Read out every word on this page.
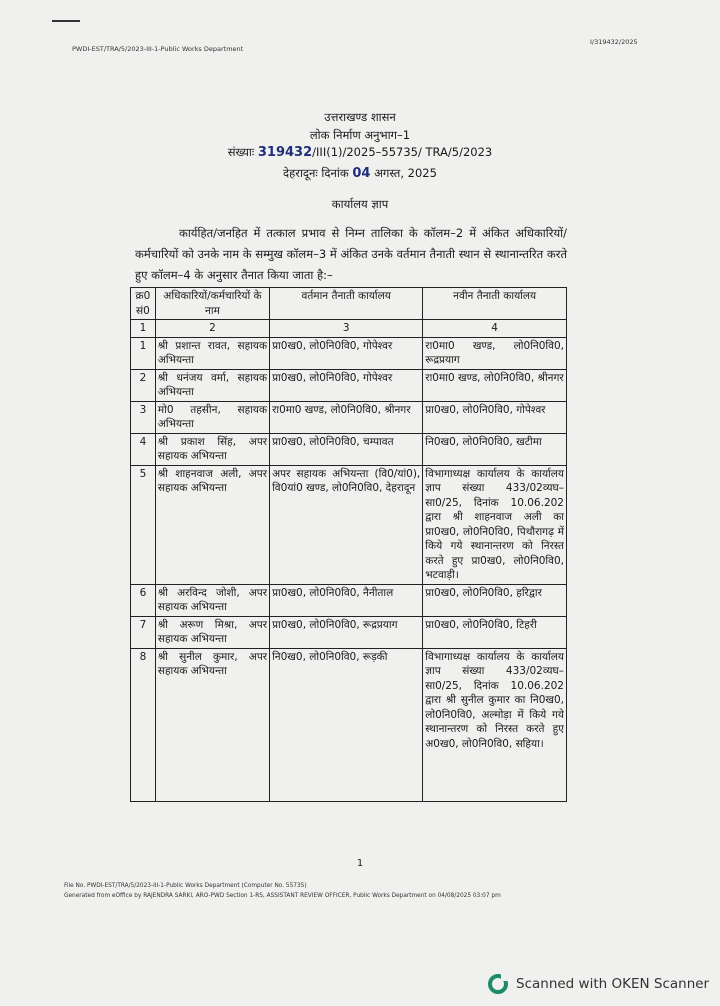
PWDI-EST/TRA/5/2023-III-1-Public Works Department
I/319432/2025
उत्तराखण्ड शासन
लोक निर्माण अनुभाग–1
संख्याः 319432/III(1)/2025–55735/ TRA/5/2023
देहरादूनः दिनांक 04 अगस्त, 2025
कार्यालय ज्ञाप
कार्यहित/जनहित में तत्काल प्रभाव से निम्न तालिका के कॉलम–2 में अंकित अधिकारियों/कर्मचारियों को उनके नाम के सम्मुख कॉलम–3 में अंकित उनके वर्तमान तैनाती स्थान से स्थानान्तरित करते हुए कॉलम–4 के अनुसार तैनात किया जाता है:–
क्र0 सं0	अधिकारियों/कर्मचारियों के नाम	वर्तमान तैनाती कार्यालय	नवीन तैनाती कार्यालय
1	2	3	4
1	श्री प्रशान्त रावत, सहायक अभियन्ता	प्रा0ख0, लो0नि0वि0, गोपेश्वर	रा0मा0 खण्ड, लो0नि0वि0, रूद्रप्रयाग
2	श्री धनंजय वर्मा, सहायक अभियन्ता	प्रा0ख0, लो0नि0वि0, गोपेश्वर	रा0मा0 खण्ड, लो0नि0वि0, श्रीनगर
3	मो0 तहसीन, सहायक अभियन्ता	रा0मा0 खण्ड, लो0नि0वि0, श्रीनगर	प्रा0ख0, लो0नि0वि0, गोपेश्वर
4	श्री प्रकाश सिंह, अपर सहायक अभियन्ता	प्रा0ख0, लो0नि0वि0, चम्पावत	नि0ख0, लो0नि0वि0, खटीमा
5	श्री शाहनवाज अली, अपर सहायक अभियन्ता	अपर सहायक अभियन्ता (वि0/यां0), वि0यां0 खण्ड, लो0नि0वि0, देहरादून	विभागाध्यक्ष कार्यालय के कार्यालय ज्ञाप संख्या 433/02व्यघ–सा0/25, दिनांक 10.06.202 द्वारा श्री शाहनवाज अली का प्रा0ख0, लो0नि0वि0, पिथौरागढ़ में किये गये स्थानान्तरण को निरस्त करते हुए प्रा0ख0, लो0नि0वि0, भटवाड़ी।
6	श्री अरविन्द जोशी, अपर सहायक अभियन्ता	प्रा0ख0, लो0नि0वि0, नैनीताल	प्रा0ख0, लो0नि0वि0, हरिद्वार
7	श्री अरूण मिश्रा, अपर सहायक अभियन्ता	प्रा0ख0, लो0नि0वि0, रूद्रप्रयाग	प्रा0ख0, लो0नि0वि0, टिहरी
8	श्री सुनील कुमार, अपर सहायक अभियन्ता	नि0ख0, लो0नि0वि0, रूड़की	विभागाध्यक्ष कार्यालय के कार्यालय ज्ञाप संख्या 433/02व्यघ–सा0/25, दिनांक 10.06.202 द्वारा श्री सुनील कुमार का नि0ख0, लो0नि0वि0, अल्मोड़ा में किये गये स्थानान्तरण को निरस्त करते हुए अ0ख0, लो0नि0वि0, सहिया।
1
File No. PWDI-EST/TRA/5/2023-III-1-Public Works Department (Computer No. 55735)
Generated from eOffice by RAJENDRA SARKI, ARO-PWD Section 1-RS, ASSISTANT REVIEW OFFICER, Public Works Department on 04/08/2025 03:07 pm
Scanned with OKEN Scanner
